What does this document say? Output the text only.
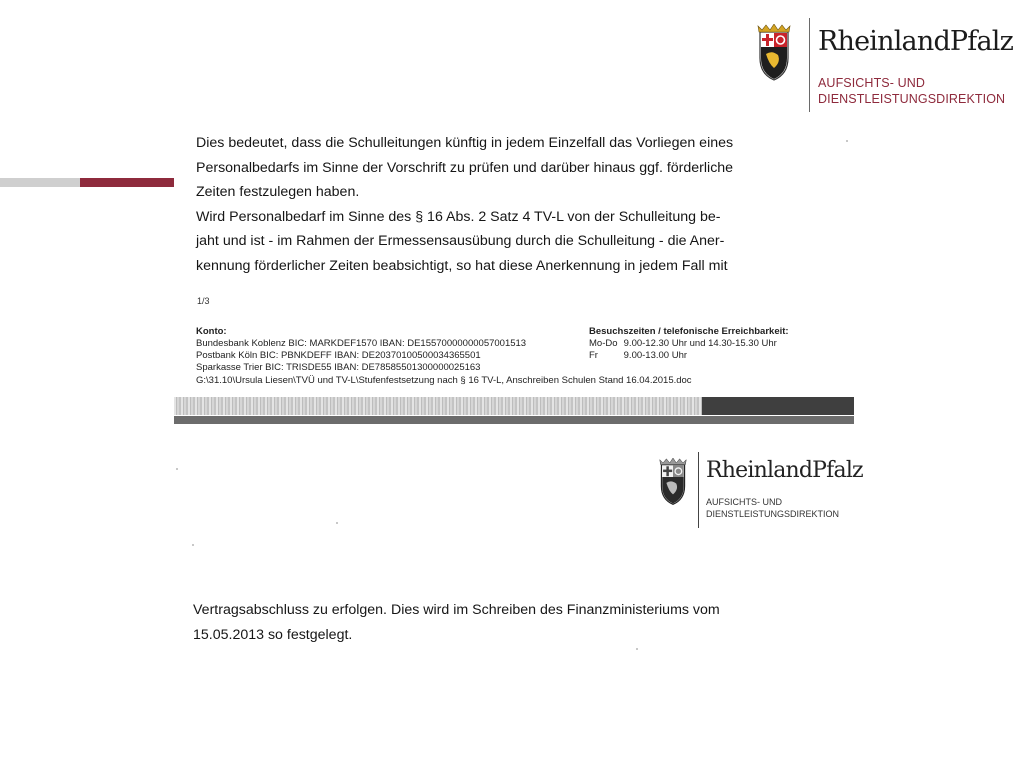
RheinlandPfalz
AUFSICHTS- UND
DIENSTLEISTUNGSDIREKTION

Dies bedeutet, dass die Schulleitungen künftig in jedem Einzelfall das Vorliegen eines

Personalbedarfs im Sinne der Vorschrift zu prüfen und darüber hinaus ggf. förderliche

Zeiten festzulegen haben.

Wird Personalbedarf im Sinne des § 16 Abs. 2 Satz 4 TV-L von der Schulleitung be-

jaht und ist - im Rahmen der Ermessensausübung durch die Schulleitung - die Aner-

kennung förderlicher Zeiten beabsichtigt, so hat diese Anerkennung in jedem Fall mit

1/3
Konto:
Bundesbank Koblenz BIC: MARKDEF1570 IBAN: DE15570000000057001513
Postbank Köln BIC: PBNKDEFF IBAN: DE20370100500034365501
Sparkasse Trier BIC: TRISDE55 IBAN: DE78585501300000025163
Besuchszeiten / telefonische Erreichbarkeit:
Mo-Do 9.00-12.30 Uhr und 14.30-15.30 Uhr
Fr	9.00-13.00 Uhr
G:\31.10\Ursula Liesen\TVÜ und TV-L\Stufenfestsetzung nach § 16 TV-L, Anschreiben Schulen Stand 16.04.2015.doc
RheinlandPfalz
AUFSICHTS- UND
DIENSTLEISTUNGSDIREKTION

Vertragsabschluss zu erfolgen. Dies wird im Schreiben des Finanzministeriums vom

15.05.2013 so festgelegt.
